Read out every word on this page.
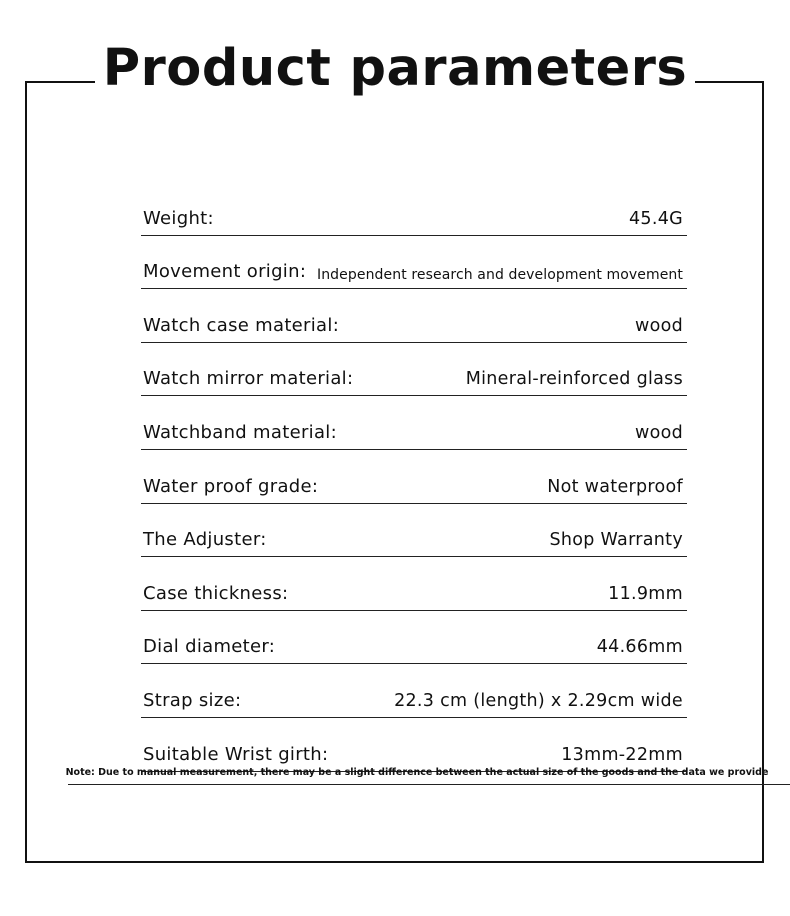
Product parameters
Weight:	45.4G
Movement origin: Independent research and development movement
Watch case material:	wood
Watch mirror material:	Mineral-reinforced glass
Watchband material:	wood
Water proof grade:	Not waterproof
The Adjuster:	Shop Warranty
Case thickness:	11.9mm
Dial diameter:	44.66mm
Strap size:	22.3 cm (length) x 2.29cm wide
Suitable Wrist girth:	13mm-22mm
Note: Due to manual measurement, there may be a slight difference between the actual size of the goods and the data we provide
